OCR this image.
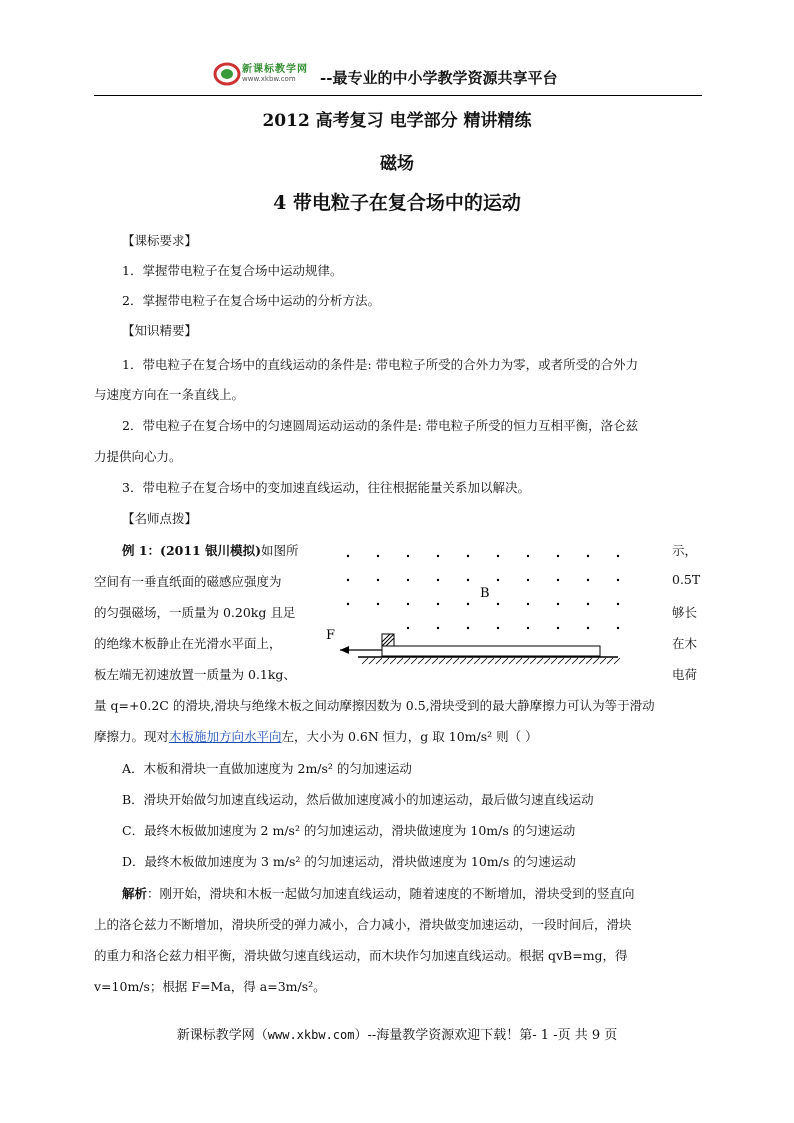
新课标教学网
www.xkbw.com --最专业的中小学教学资源共享平台
2012 高考复习 电学部分 精讲精练
磁场
4 带电粒子在复合场中的运动
【课标要求】
1．掌握带电粒子在复合场中运动规律。
2．掌握带电粒子在复合场中运动的分析方法。
【知识精要】
1．带电粒子在复合场中的直线运动的条件是: 带电粒子所受的合外力为零，或者所受的合外力
与速度方向在一条直线上。
2．带电粒子在复合场中的匀速圆周运动运动的条件是: 带电粒子所受的恒力互相平衡，洛仑兹
力提供向心力。
3．带电粒子在复合场中的变加速直线运动，往往根据能量关系加以解决。
【名师点拨】
例 1：(2011 银川模拟)如图所	示，
空间有一垂直纸面的磁感应强度为	0.5T
的匀强磁场，一质量为 0.20kg 且足	够长
的绝缘木板静止在光滑水平面上，	在木
板左端无初速放置一质量为 0.1kg、	电荷
量 q=+0.2C 的滑块,滑块与绝缘木板之间动摩擦因数为 0.5,滑块受到的最大静摩擦力可认为等于滑动
摩擦力。现对木板施加方向水平向左，大小为 0.6N 恒力，g 取 10m/s² 则（ ）
B
F
A．木板和滑块一直做加速度为 2m/s² 的匀加速运动
B．滑块开始做匀加速直线运动，然后做加速度减小的加速运动，最后做匀速直线运动
C．最终木板做加速度为 2 m/s² 的匀加速运动，滑块做速度为 10m/s 的匀速运动
D．最终木板做加速度为 3 m/s² 的匀加速运动，滑块做速度为 10m/s 的匀速运动
解析：刚开始，滑块和木板一起做匀加速直线运动，随着速度的不断增加，滑块受到的竖直向
上的洛仑兹力不断增加，滑块所受的弹力减小，合力减小，滑块做变加速运动，一段时间后，滑块
的重力和洛仑兹力相平衡，滑块做匀速直线运动，而木块作匀加速直线运动。根据 qvB=mg，得
v=10m/s；根据 F=Ma，得 a=3m/s²。
新课标教学网（www.xkbw.com）--海量教学资源欢迎下载！第- 1 -页 共 9 页
